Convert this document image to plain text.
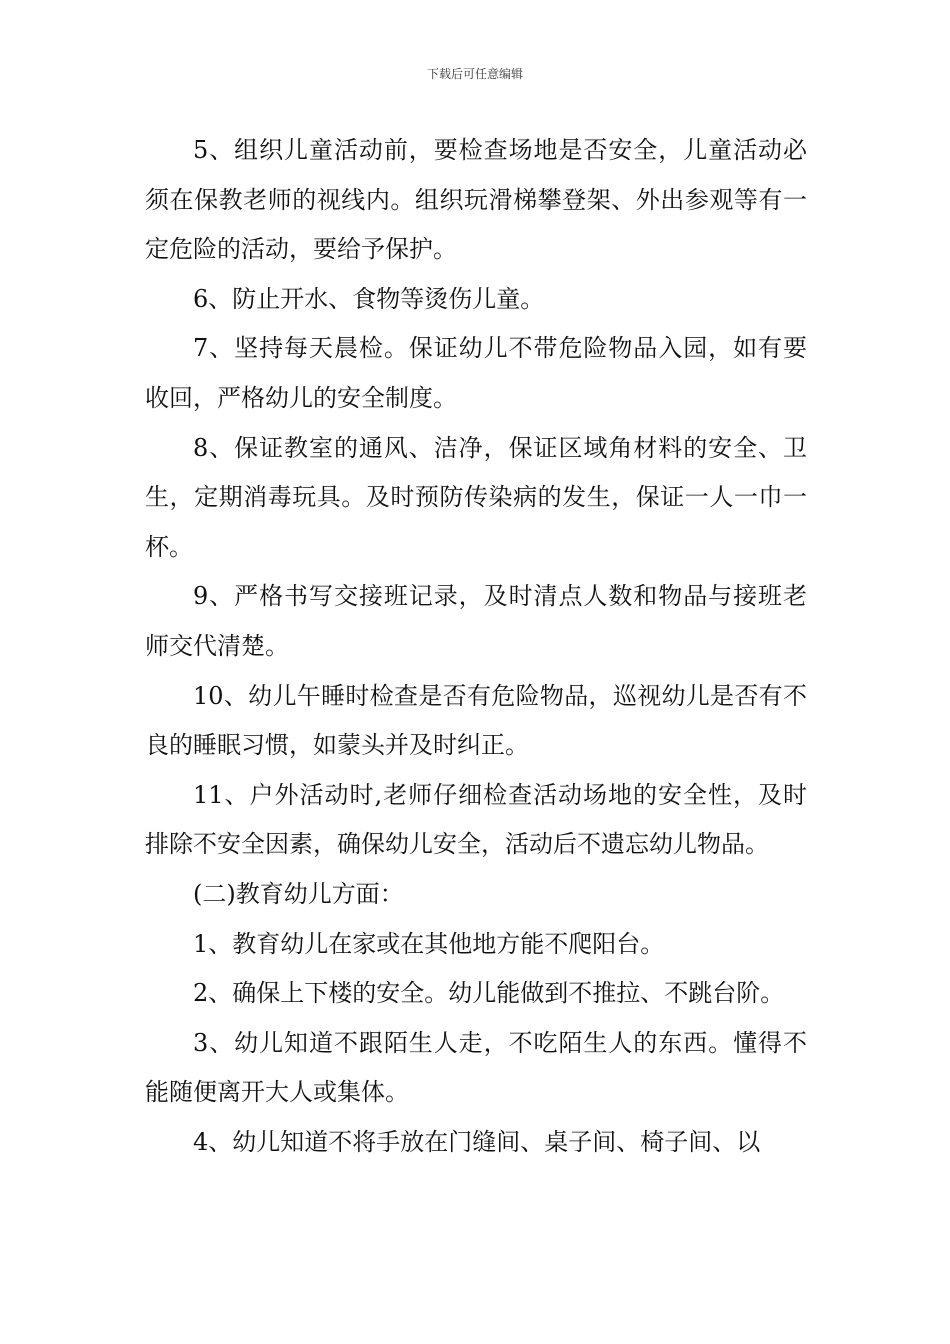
下载后可任意编辑

5、组织儿童活动前，要检查场地是否安全，儿童活动必须在保教老师的视线内。组织玩滑梯攀登架、外出参观等有一定危险的活动，要给予保护。

6、防止开水、食物等烫伤儿童。

7、坚持每天晨检。保证幼儿不带危险物品入园，如有要收回，严格幼儿的安全制度。

8、保证教室的通风、洁净，保证区域角材料的安全、卫生，定期消毒玩具。及时预防传染病的发生，保证一人一巾一杯。

9、严格书写交接班记录，及时清点人数和物品与接班老师交代清楚。

10、幼儿午睡时检查是否有危险物品，巡视幼儿是否有不良的睡眠习惯，如蒙头并及时纠正。

11、户外活动时,老师仔细检查活动场地的安全性，及时排除不安全因素，确保幼儿安全，活动后不遗忘幼儿物品。

(二)教育幼儿方面：

1、教育幼儿在家或在其他地方能不爬阳台。

2、确保上下楼的安全。幼儿能做到不推拉、不跳台阶。

3、幼儿知道不跟陌生人走，不吃陌生人的东西。懂得不能随便离开大人或集体。

4、幼儿知道不将手放在门缝间、桌子间、椅子间、以
